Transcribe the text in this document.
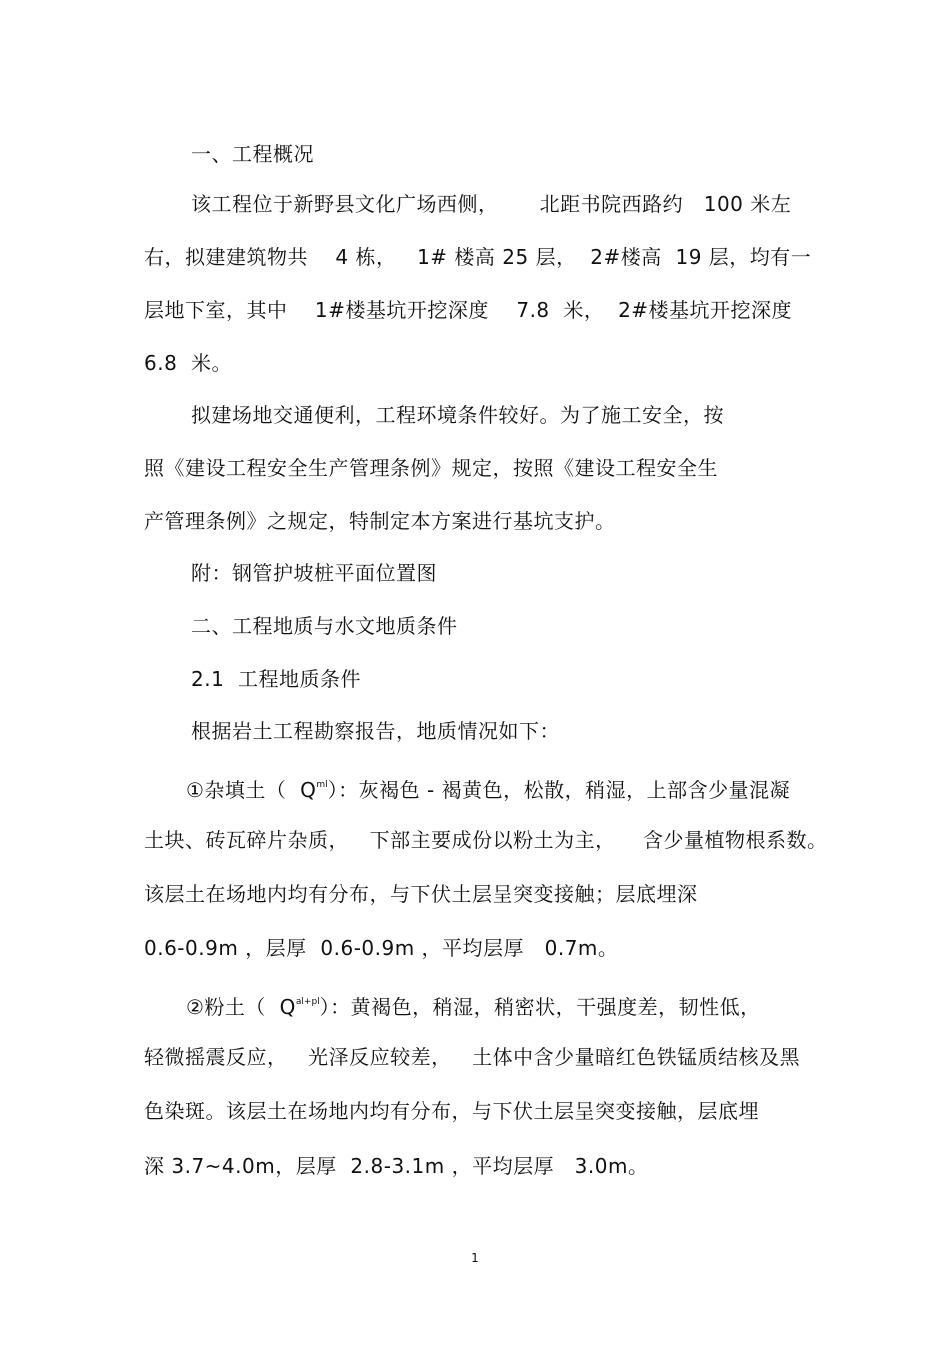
一、工程概况
该工程位于新野县文化广场西侧，      北距书院西路约   100 米左
右，拟建建筑物共    4 栋，   1# 楼高 25 层，  2#楼高  19 层，均有一
层地下室，其中    1#楼基坑开挖深度    7.8  米，  2#楼基坑开挖深度
6.8  米。
拟建场地交通便利，工程环境条件较好。为了施工安全，按
照《建设工程安全生产管理条例》规定，按照《建设工程安全生
产管理条例》之规定，特制定本方案进行基坑支护。
附：钢管护坡桩平面位置图
二、工程地质与水文地质条件
2.1  工程地质条件
根据岩土工程勘察报告，地质情况如下：
①杂填土（  $Q^{ml}$）：灰褐色 - 褐黄色，松散，稍湿，上部含少量混凝
土块、砖瓦碎片杂质，   下部主要成份以粉土为主，    含少量植物根系数。
该层土在场地内均有分布，与下伏土层呈突变接触；层底埋深
0.6-0.9m ，层厚  0.6-0.9m ，平均层厚   0.7m。
②粉土（  $Q^{al+pl}$）：黄褐色，稍湿，稍密状，干强度差，韧性低，
轻微摇震反应，   光泽反应较差，   土体中含少量暗红色铁锰质结核及黑
色染斑。该层土在场地内均有分布，与下伏土层呈突变接触，层底埋
深 3.7~4.0m，层厚  2.8-3.1m ，平均层厚   3.0m。
1
